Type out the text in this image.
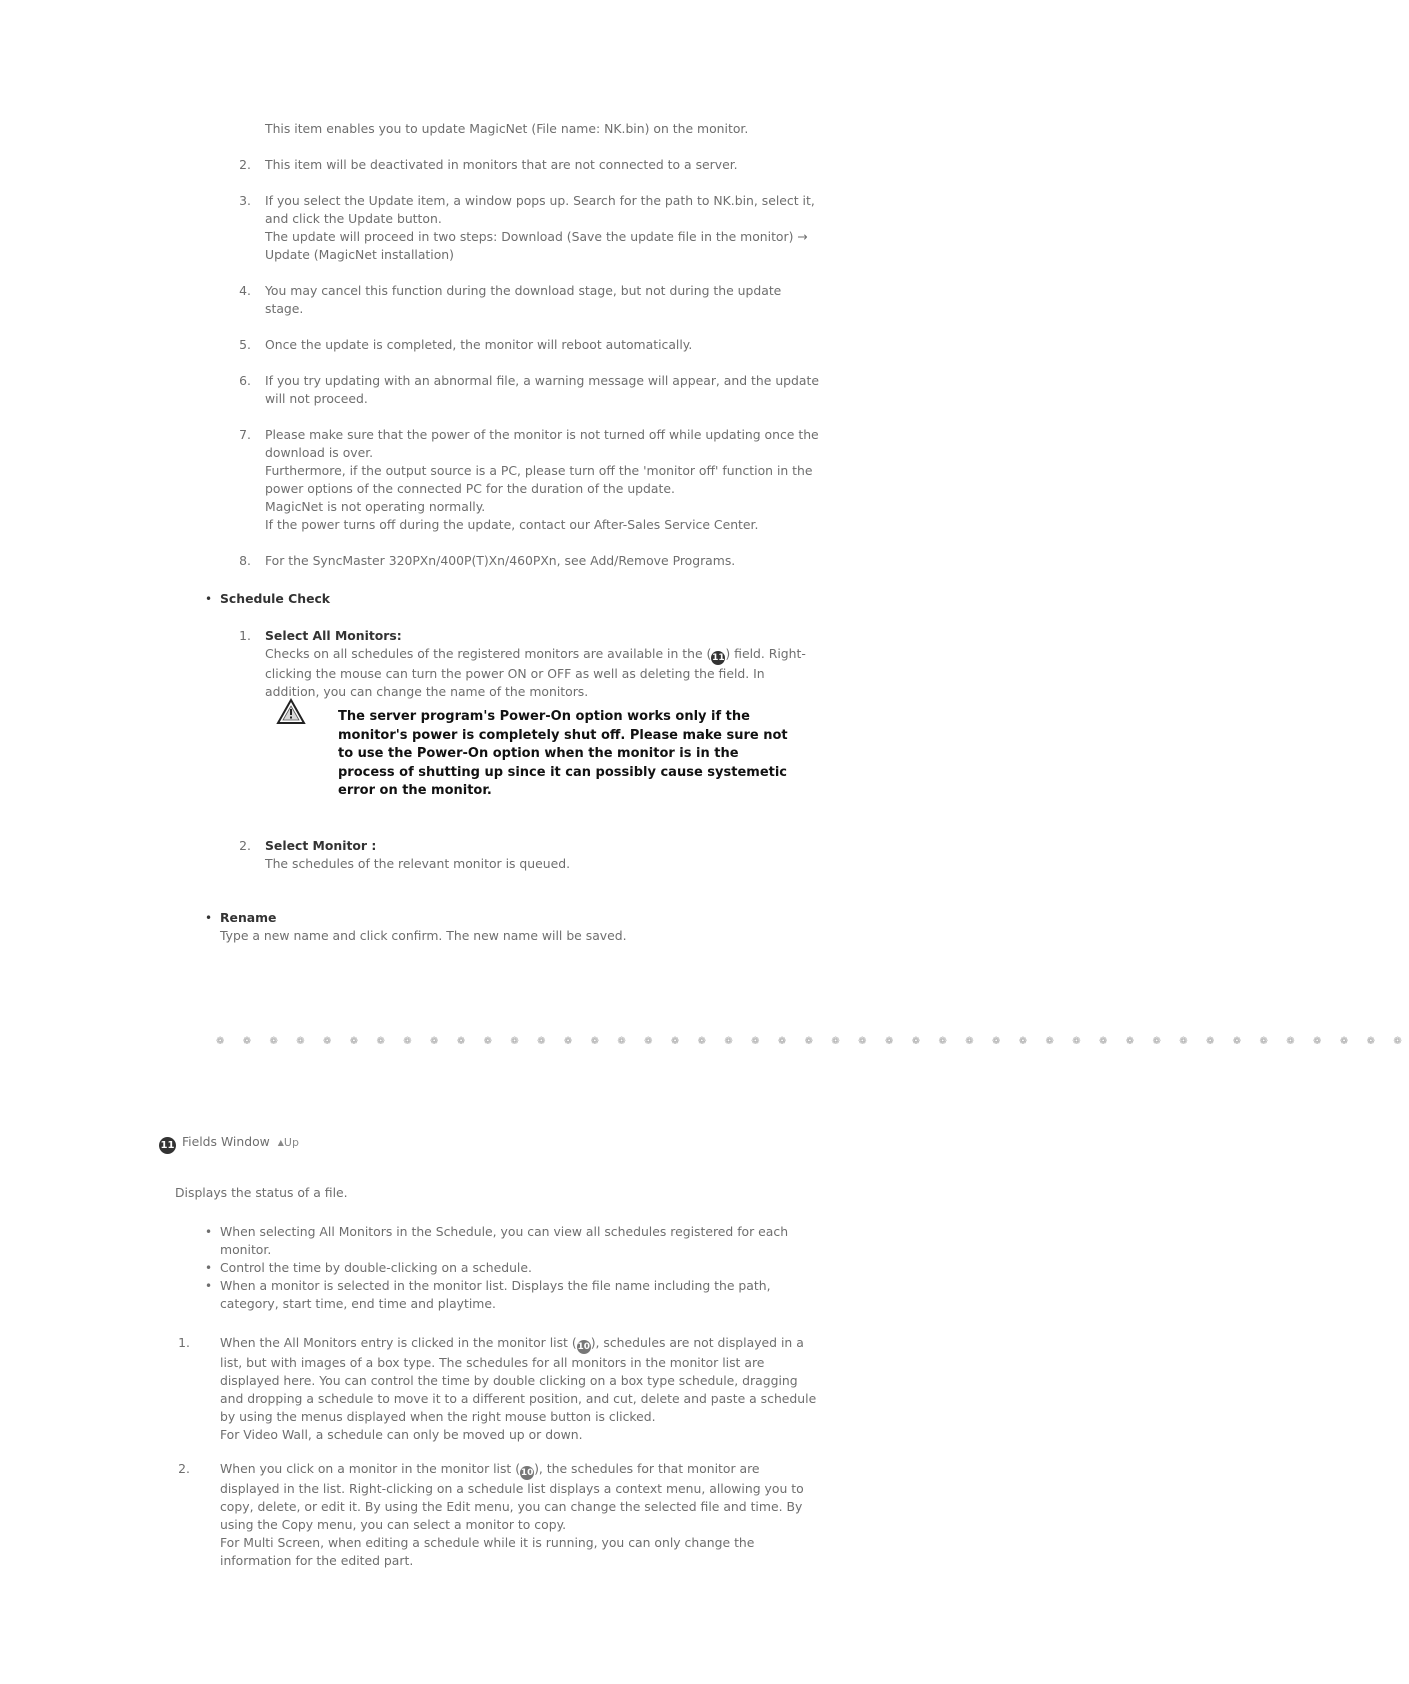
This item enables you to update MagicNet (File name: NK.bin) on the monitor.

2. This item will be deactivated in monitors that are not connected to a server.

3. If you select the Update item, a window pops up. Search for the path to NK.bin, select it,
and click the Update button.
The update will proceed in two steps: Download (Save the update file in the monitor) →
Update (MagicNet installation)
4. You may cancel this function during the download stage, but not during the update
stage.
5. Once the update is completed, the monitor will reboot automatically.

6. If you try updating with an abnormal file, a warning message will appear, and the update
will not proceed.
7. Please make sure that the power of the monitor is not turned off while updating once the
download is over.
Furthermore, if the output source is a PC, please turn off the 'monitor off' function in the
power options of the connected PC for the duration of the update.
MagicNet is not operating normally.
If the power turns off during the update, contact our After-Sales Service Center.
8. For the SyncMaster 320PXn/400P(T)Xn/460PXn, see Add/Remove Programs.

• Schedule Check

1. Select All Monitors:
Checks on all schedules of the registered monitors are available in the (11) field. Right-
clicking the mouse can turn the power ON or OFF as well as deleting the field. In
addition, you can change the name of the monitors.
The server program's Power-On option works only if the
monitor's power is completely shut off. Please make sure not
to use the Power-On option when the monitor is in the
process of shutting up since it can possibly cause systemetic
error on the monitor.
2. Select Monitor :
The schedules of the relevant monitor is queued.
• Rename
Type a new name and click confirm. The new name will be saved.
❁ ❁ ❁ ❁ ❁ ❁ ❁ ❁ ❁ ❁ ❁ ❁ ❁ ❁ ❁ ❁ ❁ ❁ ❁ ❁ ❁ ❁ ❁ ❁ ❁ ❁ ❁ ❁ ❁ ❁ ❁ ❁ ❁ ❁ ❁ ❁ ❁ ❁ ❁ ❁ ❁ ❁ ❁ ❁ ❁
11 Fields Window ▲Up

Displays the status of a file.

• When selecting All Monitors in the Schedule, you can view all schedules registered for each
monitor.
• Control the time by double-clicking on a schedule.
• When a monitor is selected in the monitor list. Displays the file name including the path,
category, start time, end time and playtime.
1. When the All Monitors entry is clicked in the monitor list (10), schedules are not displayed in a
list, but with images of a box type. The schedules for all monitors in the monitor list are
displayed here. You can control the time by double clicking on a box type schedule, dragging
and dropping a schedule to move it to a different position, and cut, delete and paste a schedule
by using the menus displayed when the right mouse button is clicked.
For Video Wall, a schedule can only be moved up or down.
2. When you click on a monitor in the monitor list (10), the schedules for that monitor are
displayed in the list. Right-clicking on a schedule list displays a context menu, allowing you to
copy, delete, or edit it. By using the Edit menu, you can change the selected file and time. By
using the Copy menu, you can select a monitor to copy.
For Multi Screen, when editing a schedule while it is running, you can only change the
information for the edited part.
